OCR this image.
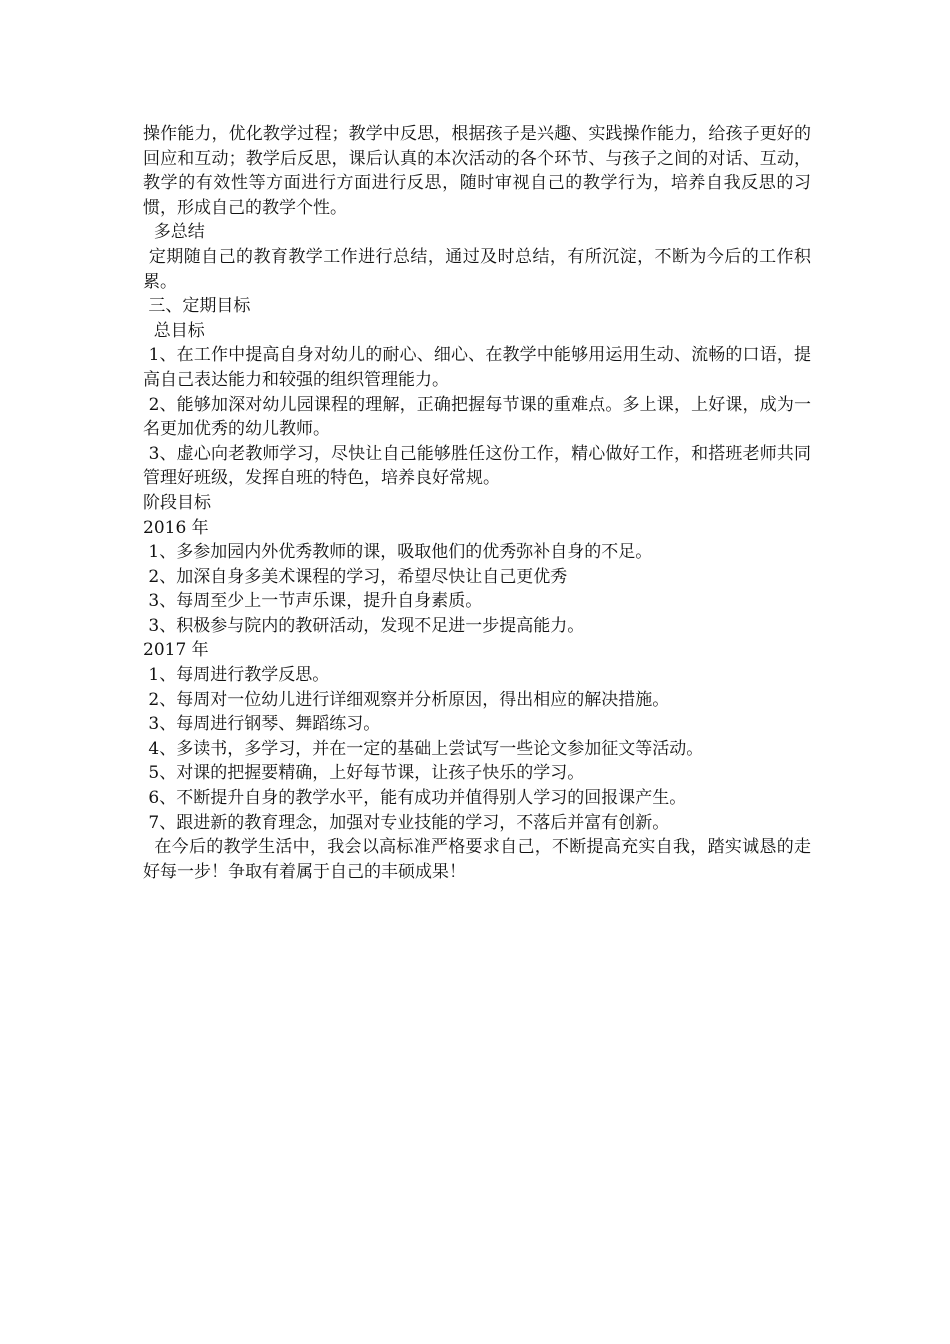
操作能力，优化教学过程；教学中反思，根据孩子是兴趣、实践操作能力，给孩子更好的回应和互动；教学后反思，课后认真的本次活动的各个环节、与孩子之间的对话、互动，教学的有效性等方面进行方面进行反思，随时审视自己的教学行为，培养自我反思的习惯，形成自己的教学个性。

多总结

定期随自己的教育教学工作进行总结，通过及时总结，有所沉淀，不断为今后的工作积累。

三、定期目标

总目标

1、在工作中提高自身对幼儿的耐心、细心、在教学中能够用运用生动、流畅的口语，提高自己表达能力和较强的组织管理能力。

2、能够加深对幼儿园课程的理解，正确把握每节课的重难点。多上课，上好课，成为一名更加优秀的幼儿教师。

3、虚心向老教师学习，尽快让自己能够胜任这份工作，精心做好工作，和搭班老师共同管理好班级，发挥自班的特色，培养良好常规。

阶段目标

2016 年

1、多参加园内外优秀教师的课，吸取他们的优秀弥补自身的不足。

2、加深自身多美术课程的学习，希望尽快让自己更优秀

3、每周至少上一节声乐课，提升自身素质。

3、积极参与院内的教研活动，发现不足进一步提高能力。

2017 年

1、每周进行教学反思。

2、每周对一位幼儿进行详细观察并分析原因，得出相应的解决措施。

3、每周进行钢琴、舞蹈练习。

4、多读书，多学习，并在一定的基础上尝试写一些论文参加征文等活动。

5、对课的把握要精确，上好每节课，让孩子快乐的学习。

6、不断提升自身的教学水平，能有成功并值得别人学习的回报课产生。

7、跟进新的教育理念，加强对专业技能的学习，不落后并富有创新。

在今后的教学生活中，我会以高标准严格要求自己，不断提高充实自我，踏实诚恳的走好每一步！争取有着属于自己的丰硕成果！
